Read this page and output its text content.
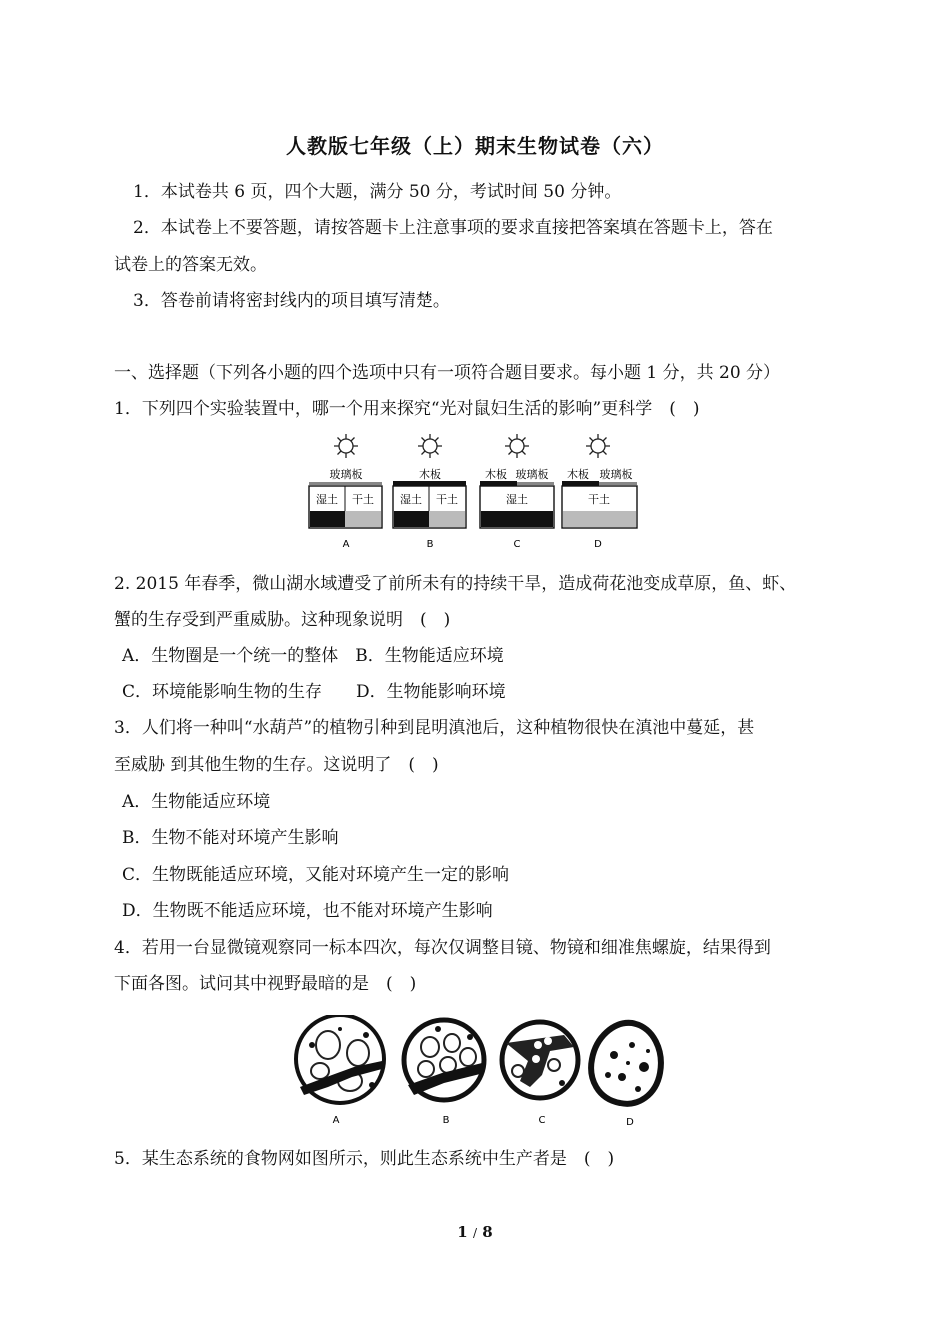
人教版七年级（上）期末生物试卷（六）
1．本试卷共 6 页，四个大题，满分 50 分，考试时间 50 分钟。
2．本试卷上不要答题，请按答题卡上注意事项的要求直接把答案填在答题卡上，答在
试卷上的答案无效。
3．答卷前请将密封线内的项目填写清楚。
一、选择题（下列各小题的四个选项中只有一项符合题目要求。每小题 1 分，共 20 分）
1．下列四个实验装置中，哪一个用来探究“光对鼠妇生活的影响”更科学　(　)
玻璃板	木板	木板 玻璃板 木板 玻璃板
湿土 干土 湿土 干土	湿土	干土
A	B	C	D
2. 2015 年春季，微山湖水域遭受了前所未有的持续干旱，造成荷花池变成草原，鱼、虾、
蟹的生存受到严重威胁。这种现象说明　(　)
A．生物圈是一个统一的整体　B．生物能适应环境
C．环境能影响生物的生存　　D．生物能影响环境
3．人们将一种叫“水葫芦”的植物引种到昆明滇池后，这种植物很快在滇池中蔓延，甚
至威胁 到其他生物的生存。这说明了　(　)
A．生物能适应环境
B．生物不能对环境产生影响
C．生物既能适应环境，又能对环境产生一定的影响
D．生物既不能适应环境，也不能对环境产生影响
4．若用一台显微镜观察同一标本四次，每次仅调整目镜、物镜和细准焦螺旋，结果得到
下面各图。试问其中视野最暗的是　(　)
A	B	C	D
5．某生态系统的食物网如图所示，则此生态系统中生产者是　(　)
1 / 8
